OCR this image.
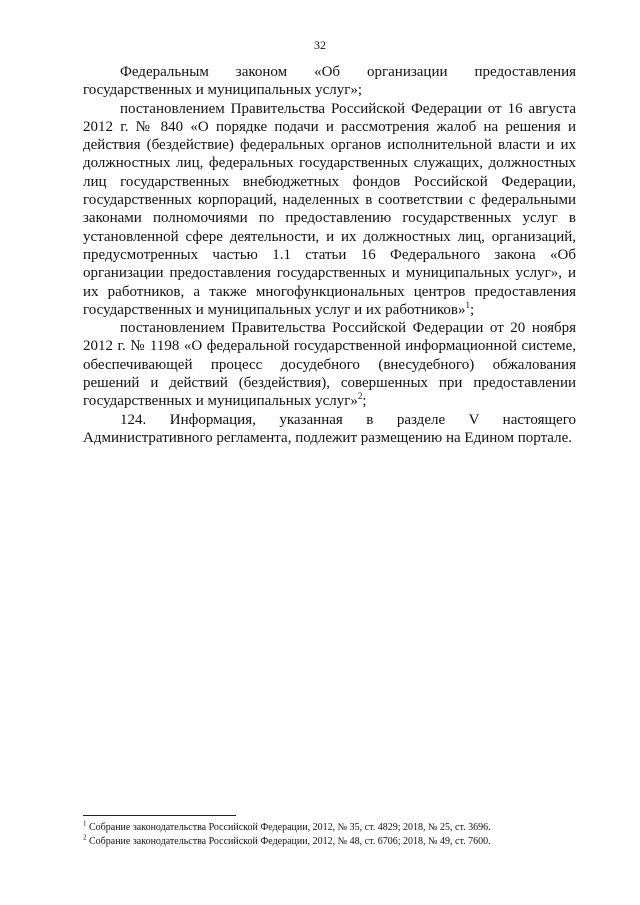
32

Федеральным законом «Об организации предоставления государственных и муниципальных услуг»;

постановлением Правительства Российской Федерации от 16 августа 2012 г. № 840 «О порядке подачи и рассмотрения жалоб на решения и действия (бездействие) федеральных органов исполнительной власти и их должностных лиц, федеральных государственных служащих, должностных лиц государственных внебюджетных фондов Российской Федерации, государственных корпораций, наделенных в соответствии с федеральными законами полномочиями по предоставлению государственных услуг в установленной сфере деятельности, и их должностных лиц, организаций, предусмотренных частью 1.1 статьи 16 Федерального закона «Об организации предоставления государственных и муниципальных услуг», и их работников, а также многофункциональных центров предоставления государственных и муниципальных услуг и их работников»$^1$;

постановлением Правительства Российской Федерации от 20 ноября 2012 г. № 1198 «О федеральной государственной информационной системе, обеспечивающей процесс досудебного (внесудебного) обжалования решений и действий (бездействия), совершенных при предоставлении государственных и муниципальных услуг»$^2$;

124. Информация, указанная в разделе V настоящего Административного регламента, подлежит размещению на Едином портале.

$^1$ Собрание законодательства Российской Федерации, 2012, № 35, ст. 4829; 2018, № 25, ст. 3696.

$^2$ Собрание законодательства Российской Федерации, 2012, № 48, ст. 6706; 2018, № 49, ст. 7600.
